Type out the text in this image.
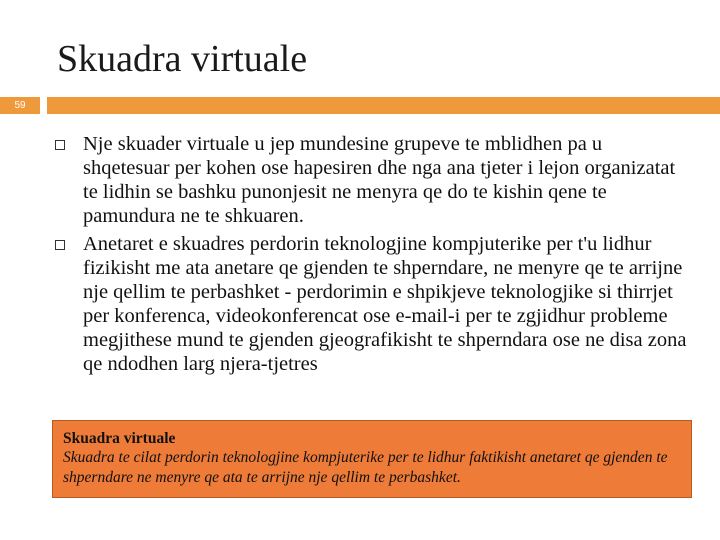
Skuadra virtuale
59
Nje skuader virtuale u jep mundesine grupeve te mblidhen pa u shqetesuar per kohen ose hapesiren dhe nga ana tjeter i lejon organizatat te lidhin se bashku punonjesit ne menyra qe do te kishin qene te pamundura ne te shkuaren.
Anetaret e skuadres perdorin teknologjine kompjuterike per t'u lidhur fizikisht me ata anetare qe gjenden te shperndare, ne menyre qe te arrijne nje qellim te perbashket - perdorimin e shpikjeve teknologjike si thirrjet per konferenca, videokonferencat ose e-mail-i per te zgjidhur probleme megjithese mund te gjenden gjeografikisht te shperndara ose ne disa zona qe ndodhen larg njera-tjetres
Skuadra virtuale
Skuadra te cilat perdorin teknologjine kompjuterike per te lidhur faktikisht anetaret qe gjenden te shperndare ne menyre qe ata te arrijne nje qellim te perbashket.
